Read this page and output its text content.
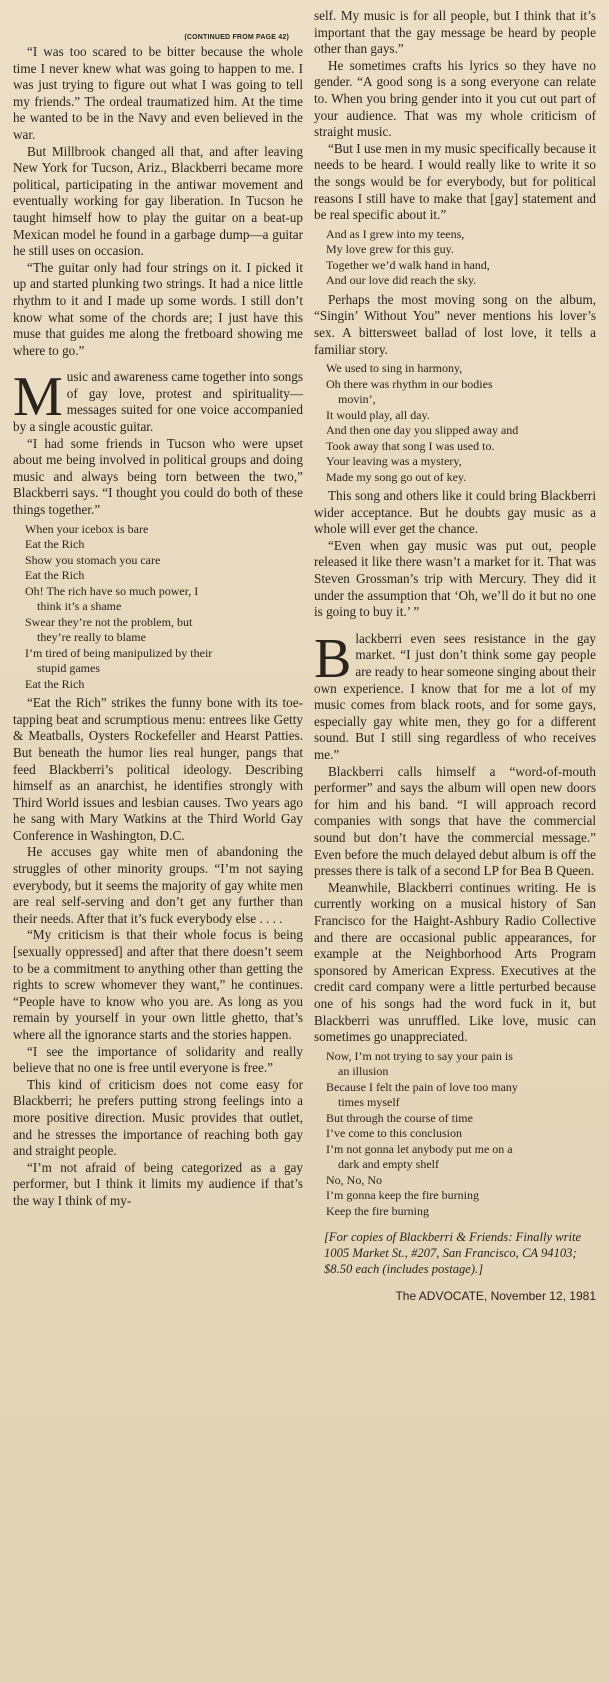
(CONTINUED FROM PAGE 42)

“I was too scared to be bitter because the whole time I never knew what was going to happen to me. I was just trying to figure out what I was going to tell my friends.” The ordeal traumatized him. At the time he wanted to be in the Navy and even believed in the war.

But Millbrook changed all that, and after leaving New York for Tucson, Ariz., Blackberri became more political, participating in the antiwar movement and eventually working for gay liberation. In Tucson he taught himself how to play the guitar on a beat-up Mexican model he found in a garbage dump—a guitar he still uses on occasion.

“The guitar only had four strings on it. I picked it up and started plunking two strings. It had a nice little rhythm to it and I made up some words. I still don’t know what some of the chords are; I just have this muse that guides me along the fretboard showing me where to go.”

M usic and awareness came together into songs of gay love, protest and spirituality—messages suited for one voice accompanied by a single acoustic guitar.

“I had some friends in Tucson who were upset about me being involved in political groups and doing music and always being torn between the two,” Blackberri says. “I thought you could do both of these things together.”

When your icebox is bare
Eat the Rich
Show you stomach you care
Eat the Rich
Oh! The rich have so much power, I
think it’s a shame
Swear they’re not the problem, but
they’re really to blame
I’m tired of being manipulized by their
stupid games
Eat the Rich

“Eat the Rich” strikes the funny bone with its toe-tapping beat and scrumptious menu: entrees like Getty & Meatballs, Oysters Rockefeller and Hearst Patties. But beneath the humor lies real hunger, pangs that feed Blackberri’s political ideology. Describing himself as an anarchist, he identifies strongly with Third World issues and lesbian causes. Two years ago he sang with Mary Watkins at the Third World Gay Conference in Washington, D.C.

He accuses gay white men of abandoning the struggles of other minority groups. “I’m not saying everybody, but it seems the majority of gay white men are real self-serving and don’t get any further than their needs. After that it’s fuck everybody else . . . .

“My criticism is that their whole focus is being [sexually oppressed] and after that there doesn’t seem to be a commitment to anything other than getting the rights to screw whomever they want,” he continues. “People have to know who you are. As long as you remain by yourself in your own little ghetto, that’s where all the ignorance starts and the stories happen.

“I see the importance of solidarity and really believe that no one is free until everyone is free.”

This kind of criticism does not come easy for Blackberri; he prefers putting strong feelings into a more positive direction. Music provides that outlet, and he stresses the importance of reaching both gay and straight people.

“I’m not afraid of being categorized as a gay performer, but I think it limits my audience if that’s the way I think of my-

self. My music is for all people, but I think that it’s important that the gay message be heard by people other than gays.”

He sometimes crafts his lyrics so they have no gender. “A good song is a song everyone can relate to. When you bring gender into it you cut out part of your audience. That was my whole criticism of straight music.

“But I use men in my music specifically because it needs to be heard. I would really like to write it so the songs would be for everybody, but for political reasons I still have to make that [gay] statement and be real specific about it.”

And as I grew into my teens,
My love grew for this guy.
Together we’d walk hand in hand,
And our love did reach the sky.

Perhaps the most moving song on the album, “Singin’ Without You” never mentions his lover’s sex. A bittersweet ballad of lost love, it tells a familiar story.

We used to sing in harmony,
Oh there was rhythm in our bodies
movin’,
It would play, all day.
And then one day you slipped away and
Took away that song I was used to.
Your leaving was a mystery,
Made my song go out of key.

This song and others like it could bring Blackberri wider acceptance. But he doubts gay music as a whole will ever get the chance.

“Even when gay music was put out, people released it like there wasn’t a market for it. That was Steven Grossman’s trip with Mercury. They did it under the assumption that ‘Oh, we’ll do it but no one is going to buy it.’ ”

B lackberri even sees resistance in the gay market. “I just don’t think some gay people are ready to hear someone singing about their own experience. I know that for me a lot of my music comes from black roots, and for some gays, especially gay white men, they go for a different sound. But I still sing regardless of who receives me.”

Blackberri calls himself a “word-of-mouth performer” and says the album will open new doors for him and his band. “I will approach record companies with songs that have the commercial sound but don’t have the commercial message.” Even before the much delayed debut album is off the presses there is talk of a second LP for Bea B Queen.

Meanwhile, Blackberri continues writing. He is currently working on a musical history of San Francisco for the Haight-Ashbury Radio Collective and there are occasional public appearances, for example at the Neighborhood Arts Program sponsored by American Express. Executives at the credit card company were a little perturbed because one of his songs had the word fuck in it, but Blackberri was unruffled. Like love, music can sometimes go unappreciated.

Now, I’m not trying to say your pain is
an illusion
Because I felt the pain of love too many
times myself
But through the course of time
I’ve come to this conclusion
I’m not gonna let anybody put me on a
dark and empty shelf
No, No, No
I’m gonna keep the fire burning
Keep the fire burning

[For copies of Blackberri & Friends: Finally write 1005 Market St., #207, San Francisco, CA 94103; $8.50 each (includes postage).]

The ADVOCATE, November 12, 1981
